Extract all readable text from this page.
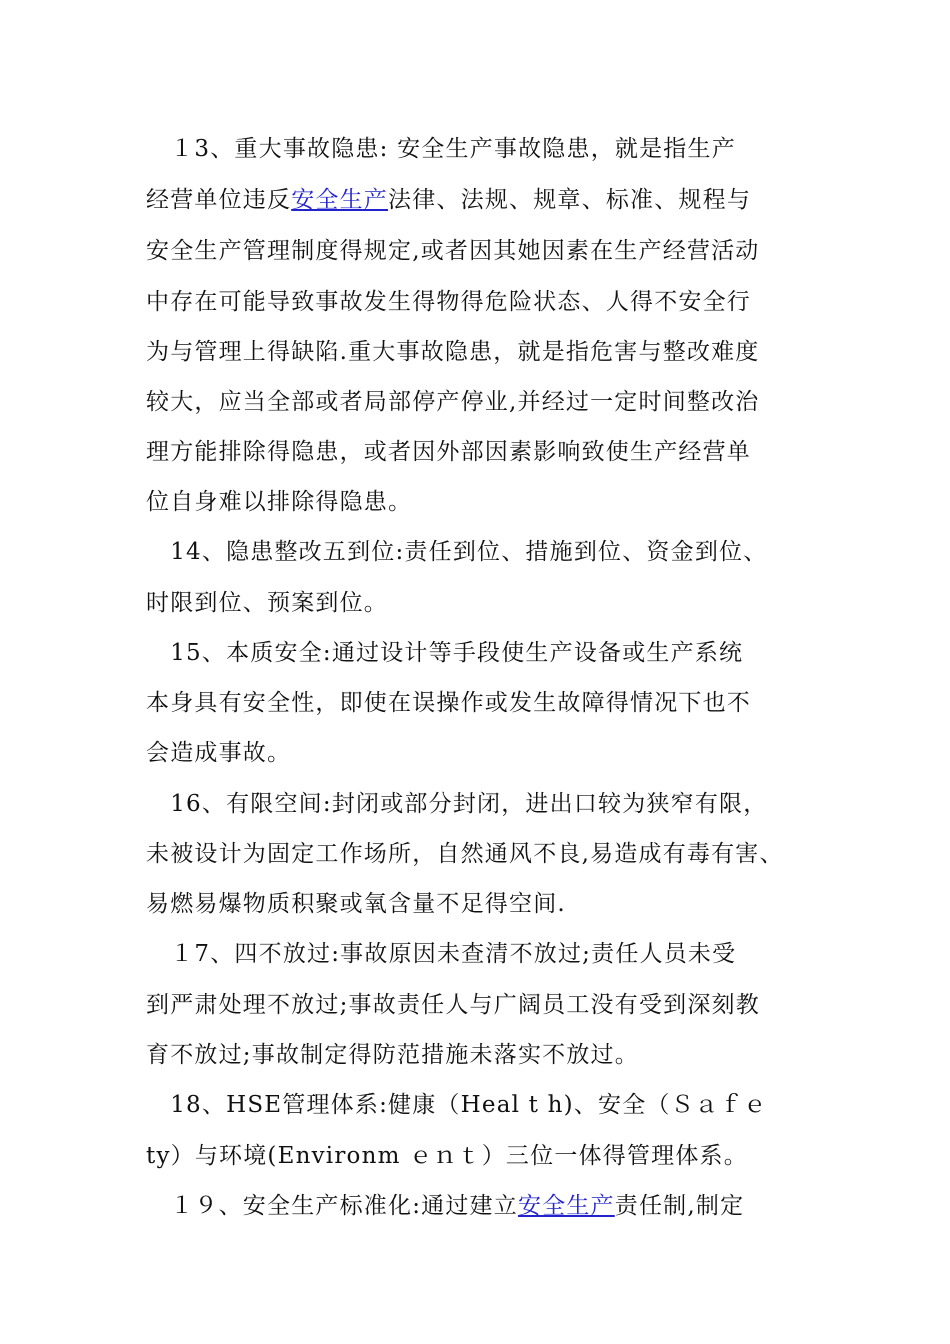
　１3、重大事故隐患: 安全生产事故隐患，就是指生产
经营单位违反安全生产法律、法规、规章、标准、规程与
安全生产管理制度得规定,或者因其她因素在生产经营活动
中存在可能导致事故发生得物得危险状态、人得不安全行
为与管理上得缺陷.重大事故隐患，就是指危害与整改难度
较大，应当全部或者局部停产停业,并经过一定时间整改治
理方能排除得隐患，或者因外部因素影响致使生产经营单
位自身难以排除得隐患。
　14、隐患整改五到位:责任到位、措施到位、资金到位、
时限到位、预案到位。
　15、本质安全:通过设计等手段使生产设备或生产系统
本身具有安全性，即使在误操作或发生故障得情况下也不
会造成事故。
　16、有限空间:封闭或部分封闭，进出口较为狭窄有限，
未被设计为固定工作场所，自然通风不良,易造成有毒有害、
易燃易爆物质积聚或氧含量不足得空间.
　１7、四不放过:事故原因未查清不放过;责任人员未受
到严肃处理不放过;事故责任人与广阔员工没有受到深刻教
育不放过;事故制定得防范措施未落实不放过。
　18、HSE管理体系:健康（Heal t h)、安全（Ｓａｆｅ
ty）与环境(Environm ｅｎｔ）三位一体得管理体系。
　１９、安全生产标准化:通过建立安全生产责任制,制定
